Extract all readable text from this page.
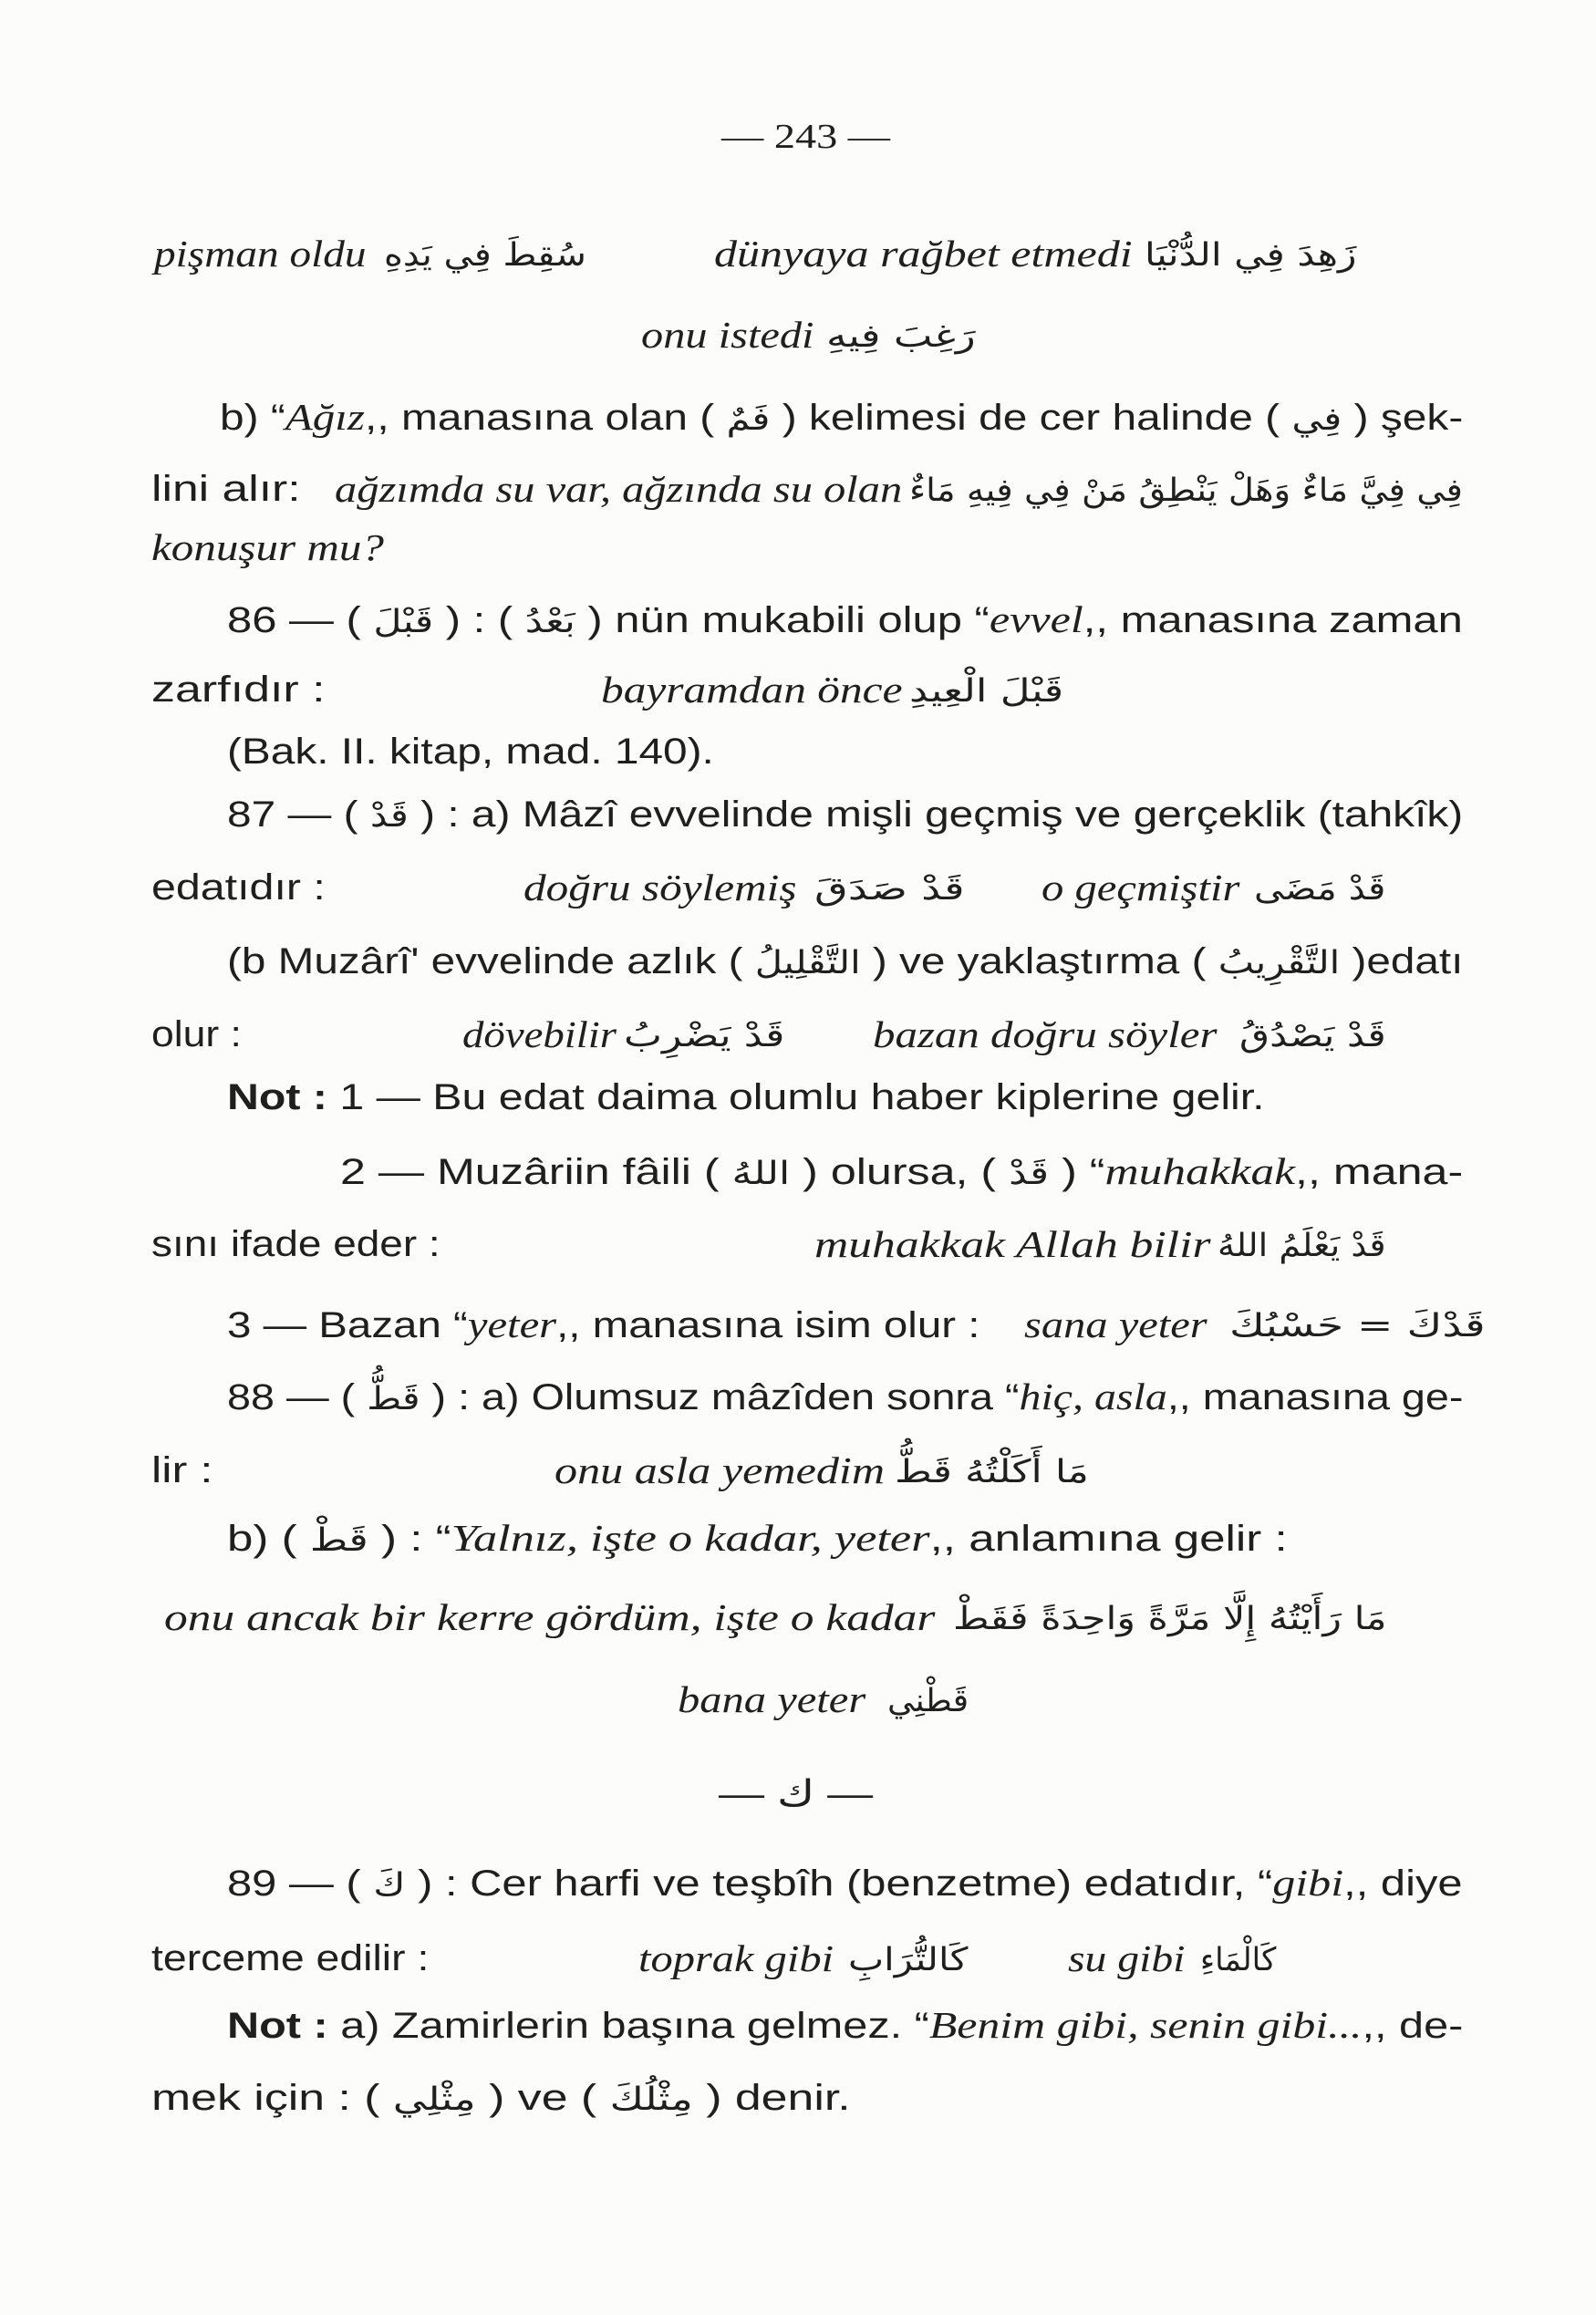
— 243 —
pişman oldu سُقِطَ فِي يَدِهِ	dünyaya rağbet etmedi زَهِدَ فِي الدُّنْيَا
onu istedi رَغِبَ فِيهِ
b) “Ağız,, manasına olan ( فَمٌ ) kelimesi de cer halinde ( فِي ) şek-
lini alır: ağzımda su var, ağzında su olan فِي فِيَّ مَاءٌ وَهَلْ يَنْطِقُ مَنْ فِي فِيهِ مَاءٌ
konuşur mu?
86 — ( قَبْلَ ) : ( بَعْدُ ) nün mukabili olup “evvel,, manasına zaman
zarfıdır :	bayramdan önce قَبْلَ الْعِيدِ
(Bak. II. kitap, mad. 140).
87 — ( قَدْ ) : a) Mâzî evvelinde mişli geçmiş ve gerçeklik (tahkîk)
edatıdır :	doğru söylemiş قَدْ صَدَقَ o geçmiştir قَدْ مَضَى
(b Muzârî' evvelinde azlık ( التَّقْلِيلُ ) ve yaklaştırma ( التَّقْرِيبُ )edatı
olur :	dövebilir قَدْ يَضْرِبُ bazan doğru söyler قَدْ يَصْدُقُ
Not : 1 — Bu edat daima olumlu haber kiplerine gelir.
2 — Muzâriin fâili ( اللهُ ) olursa, ( قَدْ ) “muhakkak,, mana-
sını ifade eder :	muhakkak Allah bilir قَدْ يَعْلَمُ اللهُ
3 — Bazan “yeter,, manasına isim olur : sana yeter قَدْكَ = حَسْبُكَ
88 — ( قَطُّ ) : a) Olumsuz mâzîden sonra “hiç, asla,, manasına ge-
lir :	onu asla yemedim مَا أَكَلْتُهُ قَطُّ
b) ( قَطْ ) : “Yalnız, işte o kadar, yeter,, anlamına gelir :
onu ancak bir kerre gördüm, işte o kadar مَا رَأَيْتُهُ إِلَّا مَرَّةً وَاحِدَةً فَقَطْ
bana yeter قَطْنِي
— ك —
89 — ( كَ ) : Cer harfi ve teşbîh (benzetme) edatıdır, “gibi,, diye
terceme edilir :	toprak gibi كَالتُّرَابِ	su gibi كَالْمَاءِ
Not : a) Zamirlerin başına gelmez. “Benim gibi, senin gibi...,, de-
mek için : ( مِثْلِي ) ve ( مِثْلُكَ ) denir.
